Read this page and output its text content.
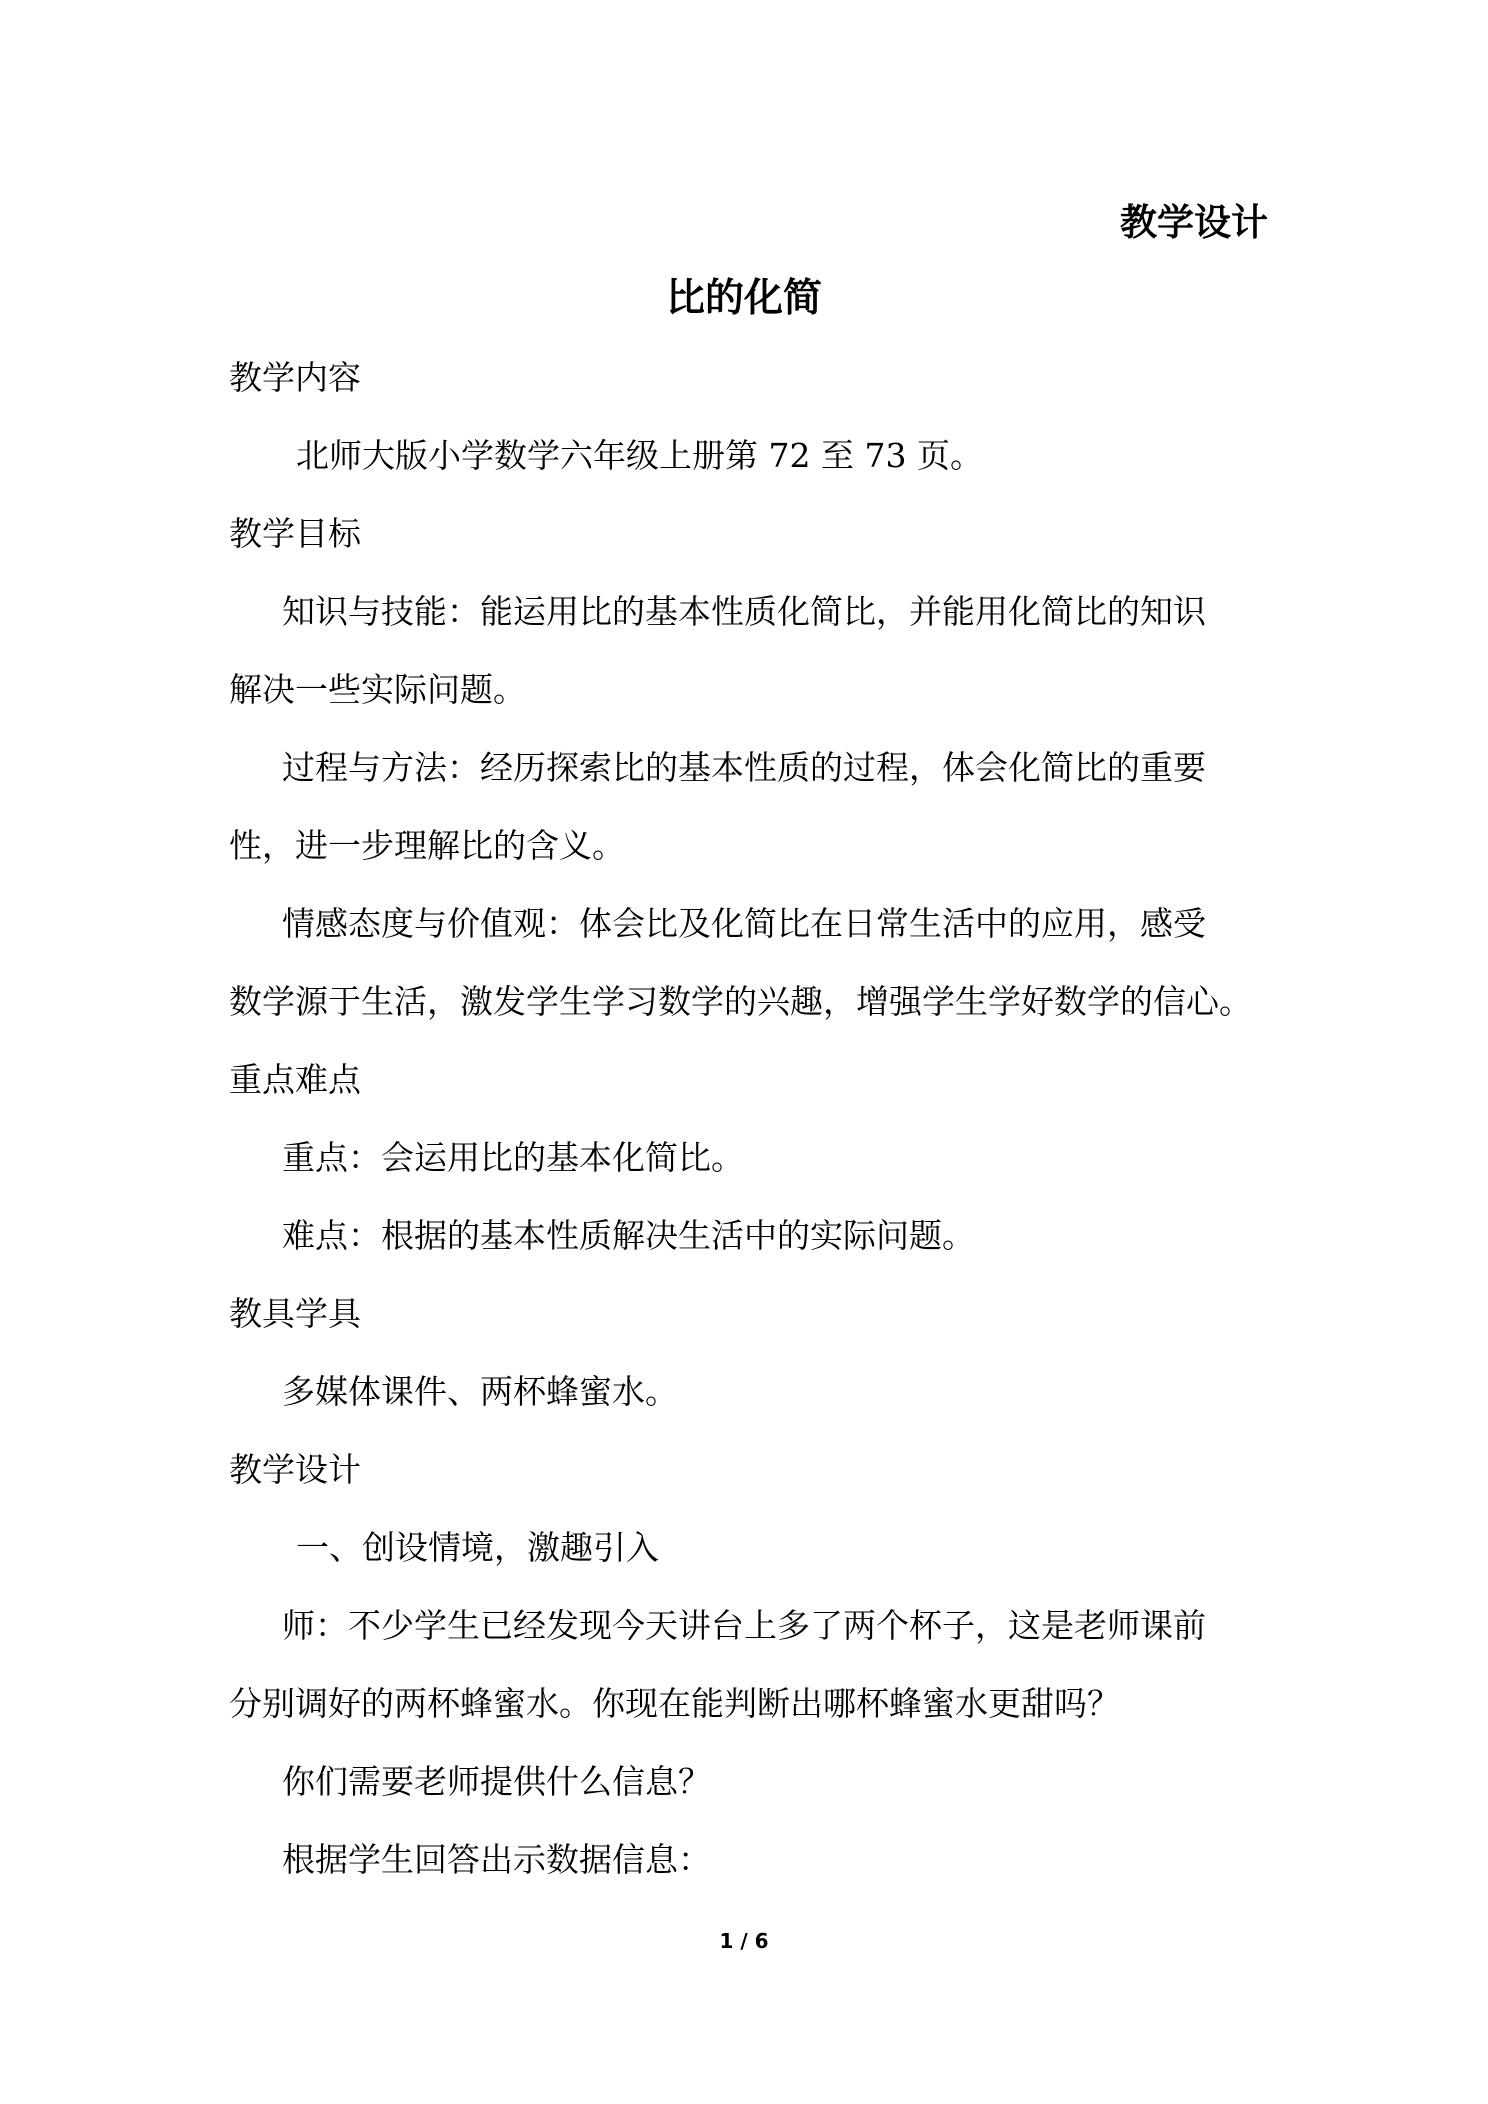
教学设计
比的化简
教学内容
北师大版小学数学六年级上册第 72 至 73 页。
教学目标
知识与技能：能运用比的基本性质化简比，并能用化简比的知识
解决一些实际问题。
过程与方法：经历探索比的基本性质的过程，体会化简比的重要
性，进一步理解比的含义。
情感态度与价值观：体会比及化简比在日常生活中的应用，感受
数学源于生活，激发学生学习数学的兴趣，增强学生学好数学的信心。
重点难点
重点：会运用比的基本化简比。
难点：根据的基本性质解决生活中的实际问题。
教具学具
多媒体课件、两杯蜂蜜水。
教学设计
一、创设情境，激趣引入
师：不少学生已经发现今天讲台上多了两个杯子，这是老师课前
分别调好的两杯蜂蜜水。你现在能判断出哪杯蜂蜜水更甜吗？
你们需要老师提供什么信息？
根据学生回答出示数据信息：
1 / 6
